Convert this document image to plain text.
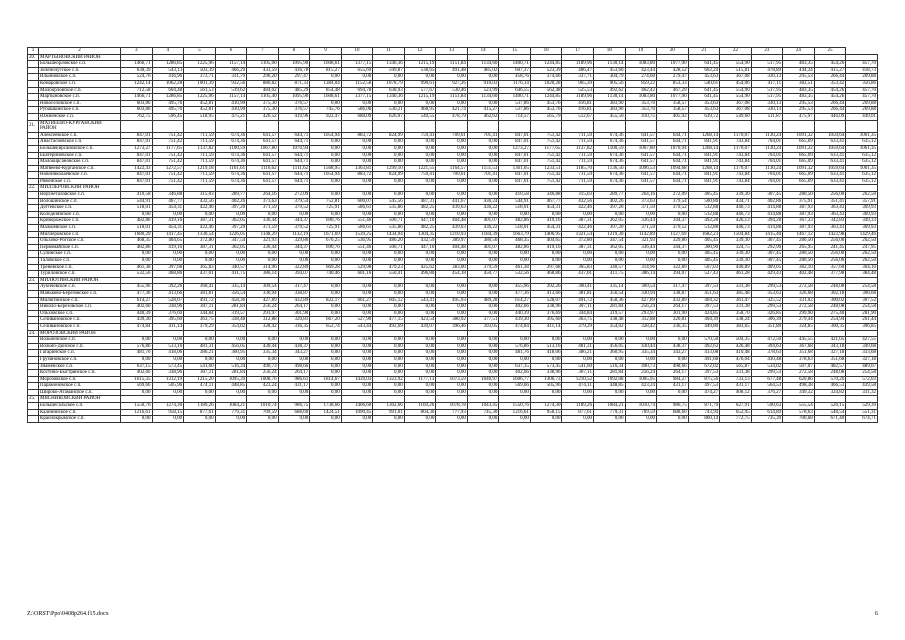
1	2	3	4	5	6	7	8	9	10	11	12	13	14	15	16	17	18	19	20	21	22	23	24	25	
20.	МАРТЫНОВСКИЙ РАЙОН																								
	Большеорловское с.п.	1466,71	1286,85	1225,96	1157,14	1105,00	1095,90	1608,61	1377,15	1340,36	1215,19	1151,84	1134,60	1400,71	1244,85	1189,96	1130,14	1083,80	1077,90	641,45	554,90	517,95	483,35	454,26	457,70
	Зеленолугское с.п.	638,39	543,13	503,39	466,29	433,59	436,78	815,27	655,69	599,87	538,65	491,48	485,02	607,37	523,39	486,47	453,60	423,44	428,52	602,24	515,81	478,89	444,34	415,27	418,73
	Ильиновское с.п.	524,76	416,96	373,71	331,79	296,20	297,47	0,00	0,00	0,00	0,00	0,00	0,00	458,76	374,66	337,71	304,79	274,60	279,47	453,63	367,08	330,13	295,53	266,44	269,88
	Комаровское с.п.	1242,14	1062,28	1001,39	932,56	880,82	871,33	1384,04	1152,58	1078,79	990,61	927,26	910,03	1176,14	1020,28	965,39	905,56	859,22	853,33	540,61	454,06	417,11	382,51	353,42	356,86
	Малоорловское с.п.	712,58	604,48	561,53	519,62	484,02	485,29	854,48	694,78	638,93	577,67	530,46	523,99	646,55	562,48	525,53	492,62	462,42	467,29	641,45	554,90	517,95	483,35	454,26	457,70
	Мартыновское с.п.	1466,71	1286,85	1225,96	1157,14	1105,40	1095,90	1608,61	1377,15	1340,36	1215,19	1151,84	1134,60	1400,71	1244,85	1189,96	1130,14	1083,80	1077,90	641,45	554,90	517,95	483,35	454,26	457,70
	Новоселовское с.п.	603,86	495,76	452,81	410,90	375,30	376,57	0,00	0,00	0,00	0,00	0,00	0,00	537,86	453,76	416,81	383,90	353,70	358,57	453,63	367,08	330,13	295,53	266,44	269,88
	Рубашкинское с.п.	603,86	495,76	452,81	410,90	375,30	376,57	745,76	586,06	530,21	468,95	421,74	415,27	537,86	453,76	416,81	383,90	353,70	358,57	453,63	367,08	330,13	295,53	266,44	269,88
	Южненское с.п.	762,75	596,45	518,95	475,21	426,52	419,96	922,47	688,09	626,07	540,55	478,79	462,62	714,57	565,79	512,67	455,50	410,75	405,92	639,72	549,60	511,87	475,97	446,09	449,01
21.	МАТВЕЕВО-КУРГАНСКИЙ РАЙОН																								
	Алексеевское с.п.	847,01	751,42	711,59	674,36	641,57	644,71	1054,94	883,72	824,99	759,41	709,61	701,41	847,01	751,42	711,59	674,36	641,57	644,71	1268,14	1170,07	1130,24	1091,32	1059,64	1061,35
	Анастасиевское с.п.	847,01	751,42	711,59	674,36	641,57	644,71	0,00	0,00	0,00	0,00	0,00	0,00	847,01	751,42	711,59	674,36	641,57	644,71	841,91	743,84	704,01	665,09	633,41	635,12
	Большекирсановское с.п.	1273,27	1177,65	1137,82	1100,59	1067,80	1070,94	0,00	0,00	0,00	0,00	0,00	0,00	1273,27	1177,65	1137,82	1100,59	1067,80	1070,94	1268,14	1170,07	1130,24	1091,32	1059,64	1061,35
	Екатериновское с.п.	847,01	751,42	711,59	674,36	641,57	644,71	0,00	0,00	0,00	0,00	0,00	0,00	847,01	751,42	711,59	674,36	641,57	644,71	841,91	743,84	704,01	665,09	633,41	635,12
	Малокирсановское с.п.	847,01	751,42	711,59	674,36	641,57	644,71	0,00	0,00	0,00	0,00	0,00	0,00	847,01	751,42	711,59	674,36	641,57	644,71	841,91	743,84	704,01	665,09	633,41	635,12
	Матвеево-Курганское с.п.	1422,43	1272,57	1219,18	1161,61	1116,62	1111,62	1568,95	1363,81	1299,10	1221,55	1164,57	1151,53	1361,05	1233,51	1185,70	1136,50	1096,53	1094,68	1268,14	1170,07	1130,24	1091,32	1059,64	1061,35
	Новониколаевское с.п.	847,01	751,42	711,59	674,36	641,57	644,71	1054,94	883,72	824,99	759,41	709,61	701,41	847,01	751,42	711,59	674,36	641,57	644,71	841,91	743,84	704,01	665,09	633,41	635,12
	Ряженское с.п.	847,01	751,42	711,59	674,36	641,57	644,71	0,00	0,00	0,00	0,00	0,00	0,00	847,01	751,42	711,59	674,36	641,57	644,71	841,91	743,84	704,01	665,09	633,41	635,12
22.	МИЛЛЕРОВСКИЙ РАЙОН																								
	Верхнеталовское с.п.	410,58	346,88	315,03	289,77	264,16	272,09	0,00	0,00	0,00	0,00	0,00	0,00	410,58	346,88	315,03	289,77	264,16	272,09	405,45	339,30	307,45	280,50	256,00	262,50
	Волошинское с.п.	544,91	467,77	432,56	402,26	373,63	379,54	752,81	600,07	545,56	487,31	441,67	436,24	544,91	467,77	432,56	402,26	373,63	379,54	500,86	434,71	402,86	375,91	351,41	357,91
	Дегтевское с.п.	518,01	454,31	422,46	397,20	371,59	379,52	725,91	586,61	535,86	482,25	439,63	436,22	518,01	454,31	422,46	397,20	371,59	379,52	512,88	446,73	414,88	387,93	363,43	369,93
	Колодезянское с.п.	0,00	0,00	0,00	0,00	0,00	0,00	0,00	0,00	0,00	0,00	0,00	0,00	0,00	0,00	0,00	0,00	0,00	0,00	512,88	446,73	414,88	387,93	363,43	369,93
	Криворожское с.п.	482,86	419,16	387,31	362,05	336,44	344,37	690,76	551,46	500,71	447,10	404,48	401,07	482,86	419,16	387,31	362,05	336,44	344,37	492,28	426,13	394,28	367,33	342,83	349,33
	Мальчевское с.п.	518,01	454,31	422,46	397,20	371,59	379,52	725,91	586,61	535,86	482,25	439,63	436,22	518,01	454,31	422,46	397,20	371,59	379,52	512,88	446,73	414,88	387,93	363,43	369,93
	Миллеровское с.п.	1680,29	1417,45	1330,54	1226,05	1148,29	1132,19	1671,69	1539,25	1434,94	1304,35	1210,93	1184,39	1663,79	1406,95	1321,54	1219,30	1142,89	1127,69	1682,23	1504,84	1415,40	1467,12	1423,98	1429,46
	Ольхово-Рогское с.п.	468,35	404,65	372,80	347,54	321,93	329,86	676,25	536,95	486,20	432,59	389,97	386,56	468,35	404,65	372,80	347,54	321,93	329,86	405,45	339,30	307,45	280,50	256,00	262,50
	Первомайское с.п.	482,86	419,16	387,31	362,05	336,44	344,37	690,76	551,46	500,71	447,10	404,48	401,07	482,86	419,16	387,31	362,05	336,44	344,37	300,90	324,75	292,90	265,95	241,45	247,95
	Сулинское с.п.	0,00	0,00	0,00	0,00	0,00	0,00	0,00	0,00	0,00	0,00	0,00	0,00	0,00	0,00	0,00	0,00	0,00	0,00	405,45	339,30	307,45	280,50	256,00	262,50
	Таловское с.п.	0,00	0,00	0,00	0,00	0,00	0,00	0,00	0,00	0,00	0,00	0,00	0,00	0,00	0,00	0,00	0,00	0,00	0,00	405,45	339,30	307,45	280,50	256,00	262,50
	Треневское с.п.	461,38	397,68	365,83	340,57	314,96	322,89	669,28	529,98	479,23	425,62	383,00	379,59	461,38	397,68	365,83	340,57	314,96	322,89	507,03	440,89	409,05	382,10	357,60	364,10
	Туриловское с.п.	532,56	468,86	437,01	411,75	386,14	394,07	740,46	601,16	550,41	496,80	454,18	450,77	532,56	468,86	437,01	411,75	386,14	394,07	527,43	461,28	429,43	402,48	377,98	384,48
23.	МИЛЮТИНСКИЙ РАЙОН																								
	Лукичевское с.п.	455,96	392,26	360,41	335,14	309,54	317,47	0,00	0,00	0,00	0,00	0,00	0,00	455,96	392,26	360,41	335,14	309,54	317,47	397,53	331,38	299,53	272,58	248,08	254,58
	Маньково-Березовское с.п.	477,36	413,66	381,81	356,54	330,94	338,87	0,00	0,00	0,00	0,00	0,00	0,00	477,36	413,66	381,81	356,54	330,94	338,87	451,63	385,48	353,63	326,68	302,18	308,68
	Милютинское с.п.	614,27	528,07	491,72	458,36	427,89	432,89	822,17	661,27	605,12	543,41	495,93	489,28	614,27	528,07	491,72	458,36	427,89	432,89	404,32	361,47	325,52	331,02	300,02	307,52
	Николо-Березовское с.п.	402,66	338,96	307,11	281,84	256,24	264,17	0,00	0,00	0,00	0,00	0,00	0,00	402,66	338,96	307,11	281,84	256,24	264,17	397,53	331,38	299,53	272,58	248,08	254,58
	Ольховское с.п.	440,39	376,69	344,84	319,57	293,97	301,90	0,00	0,00	0,00	0,00	0,00	0,00	440,39	376,69	344,84	319,57	293,97	301,90	424,85	358,70	326,85	299,90	275,40	281,90
	Селивановское с.п.	439,30	395,60	363,75	338,48	312,88	320,81	667,20	527,90	477,15	423,54	380,92	377,51	439,30	395,60	363,75	338,48	312,88	320,81	404,39	338,24	306,39	279,44	254,94	261,44
	Селивановское с.п.	474,84	411,14	379,29	354,02	328,42	336,35	652,74	543,44	492,69	439,07	396,46	393,05	474,84	411,14	379,29	354,02	328,42	336,35	449,80	383,65	351,80	324,85	300,35	306,85
24.	МОРОЗОВСКИЙ РАЙОН																								
	Вольненское с.п.	0,00	0,00	0,00	0,00	0,00	0,00	0,00	0,00	0,00	0,00	0,00	0,00	0,00	0,00	0,00	0,00	0,00	0,00	570,50	504,35	472,50	445,55	421,05	427,55
	Вольно-Донское с.п.	576,86	513,16	481,31	456,05	430,44	438,37	0,00	0,00	0,00	0,00	0,00	0,00	576,86	513,16	481,31	456,05	430,44	438,37	492,63	426,48	394,63	367,68	343,18	349,68
	Гагаринское с.п.	481,76	418,06	386,21	360,95	335,34	343,27	0,00	0,00	0,00	0,00	0,00	0,00	481,76	418,06	386,21	360,95	335,34	343,27	413,08	410,48	378,63	351,68	327,18	333,68
	Грузиновское с.п.	0,00	0,00	0,00	0,00	0,00	0,00	0,00	0,00	0,00	0,00	0,00	0,00	0,00	0,00	0,00	0,00	0,00	0,00	491,68	476,04	410,48	378,63	351,68	327,18
	Знаменское с.п.	637,15	573,45	541,60	516,34	490,73	498,66	0,00	0,00	0,00	0,00	0,00	0,00	637,15	573,45	541,60	516,34	490,73	498,66	672,02	565,87	534,02	507,07	482,57	489,07
	Костино-Быстрянское с.п.	402,66	338,96	307,11	281,84	256,24	264,17	0,00	0,00	0,00	0,00	0,00	0,00	402,66	338,96	307,11	281,84	256,24	264,17	397,53	331,38	299,53	272,58	248,08	254,58
	Морозовское с.п.	1615,35	1312,19	1215,20	1095,39	1008,76	986,61	1814,67	1439,03	1323,92	1177,13	1073,59	1040,97	1606,77	1306,73	1210,52	1092,08	1005,95	984,27	875,56	733,13	677,48	620,86	570,26	572,03
	Парамоновское с.п.	569,66	505,96	474,11	448,85	423,24	431,17	0,00	0,00	0,00	0,00	0,00	0,00	569,66	505,96	474,11	448,85	423,24	431,17	497,53	431,17	564,53	498,38	466,53	439,58
	Широко-Атаманское с.п.	0,00	0,00	0,00	0,00	0,00	0,00	0,00	0,00	0,00	0,00	0,00	0,00	0,00	0,00	0,00	0,00	0,00	0,00	474,27	408,12	376,27	349,32	324,82	331,32
25.	МЯСНИКОВСКИЙ РАЙОН																								
	Большесальское с.п.	1550,76	1274,30	1189,26	1084,21	1010,74	986,75	1738,66	1406,60	1302,66	1169,26	1078,78	1043,45	1550,76	1274,30	1189,26	1084,21	1010,74	986,75	871,79	627,91	590,63	555,54	526,15	529,39
	Калининское с.п.	1216,61	958,15	877,61	779,31	709,59	688,60	1424,51	1090,45	991,01	864,36	777,93	745,30	1216,61	958,15	877,61	779,31	709,59	688,60	743,94	652,95	614,89	578,63	548,54	551,31
	Краснокрымское с.п.	0,00	0,00	0,00	0,00	0,00	0,00	0,00	0,00	0,00	0,00	0,00	0,00	0,00	0,00	0,00	0,00	0,00	0,00	860,14	772,75	735,39	700,68	671,40	674,71
Z:\ORST\Ppo\0408p264.f15.docx	6
